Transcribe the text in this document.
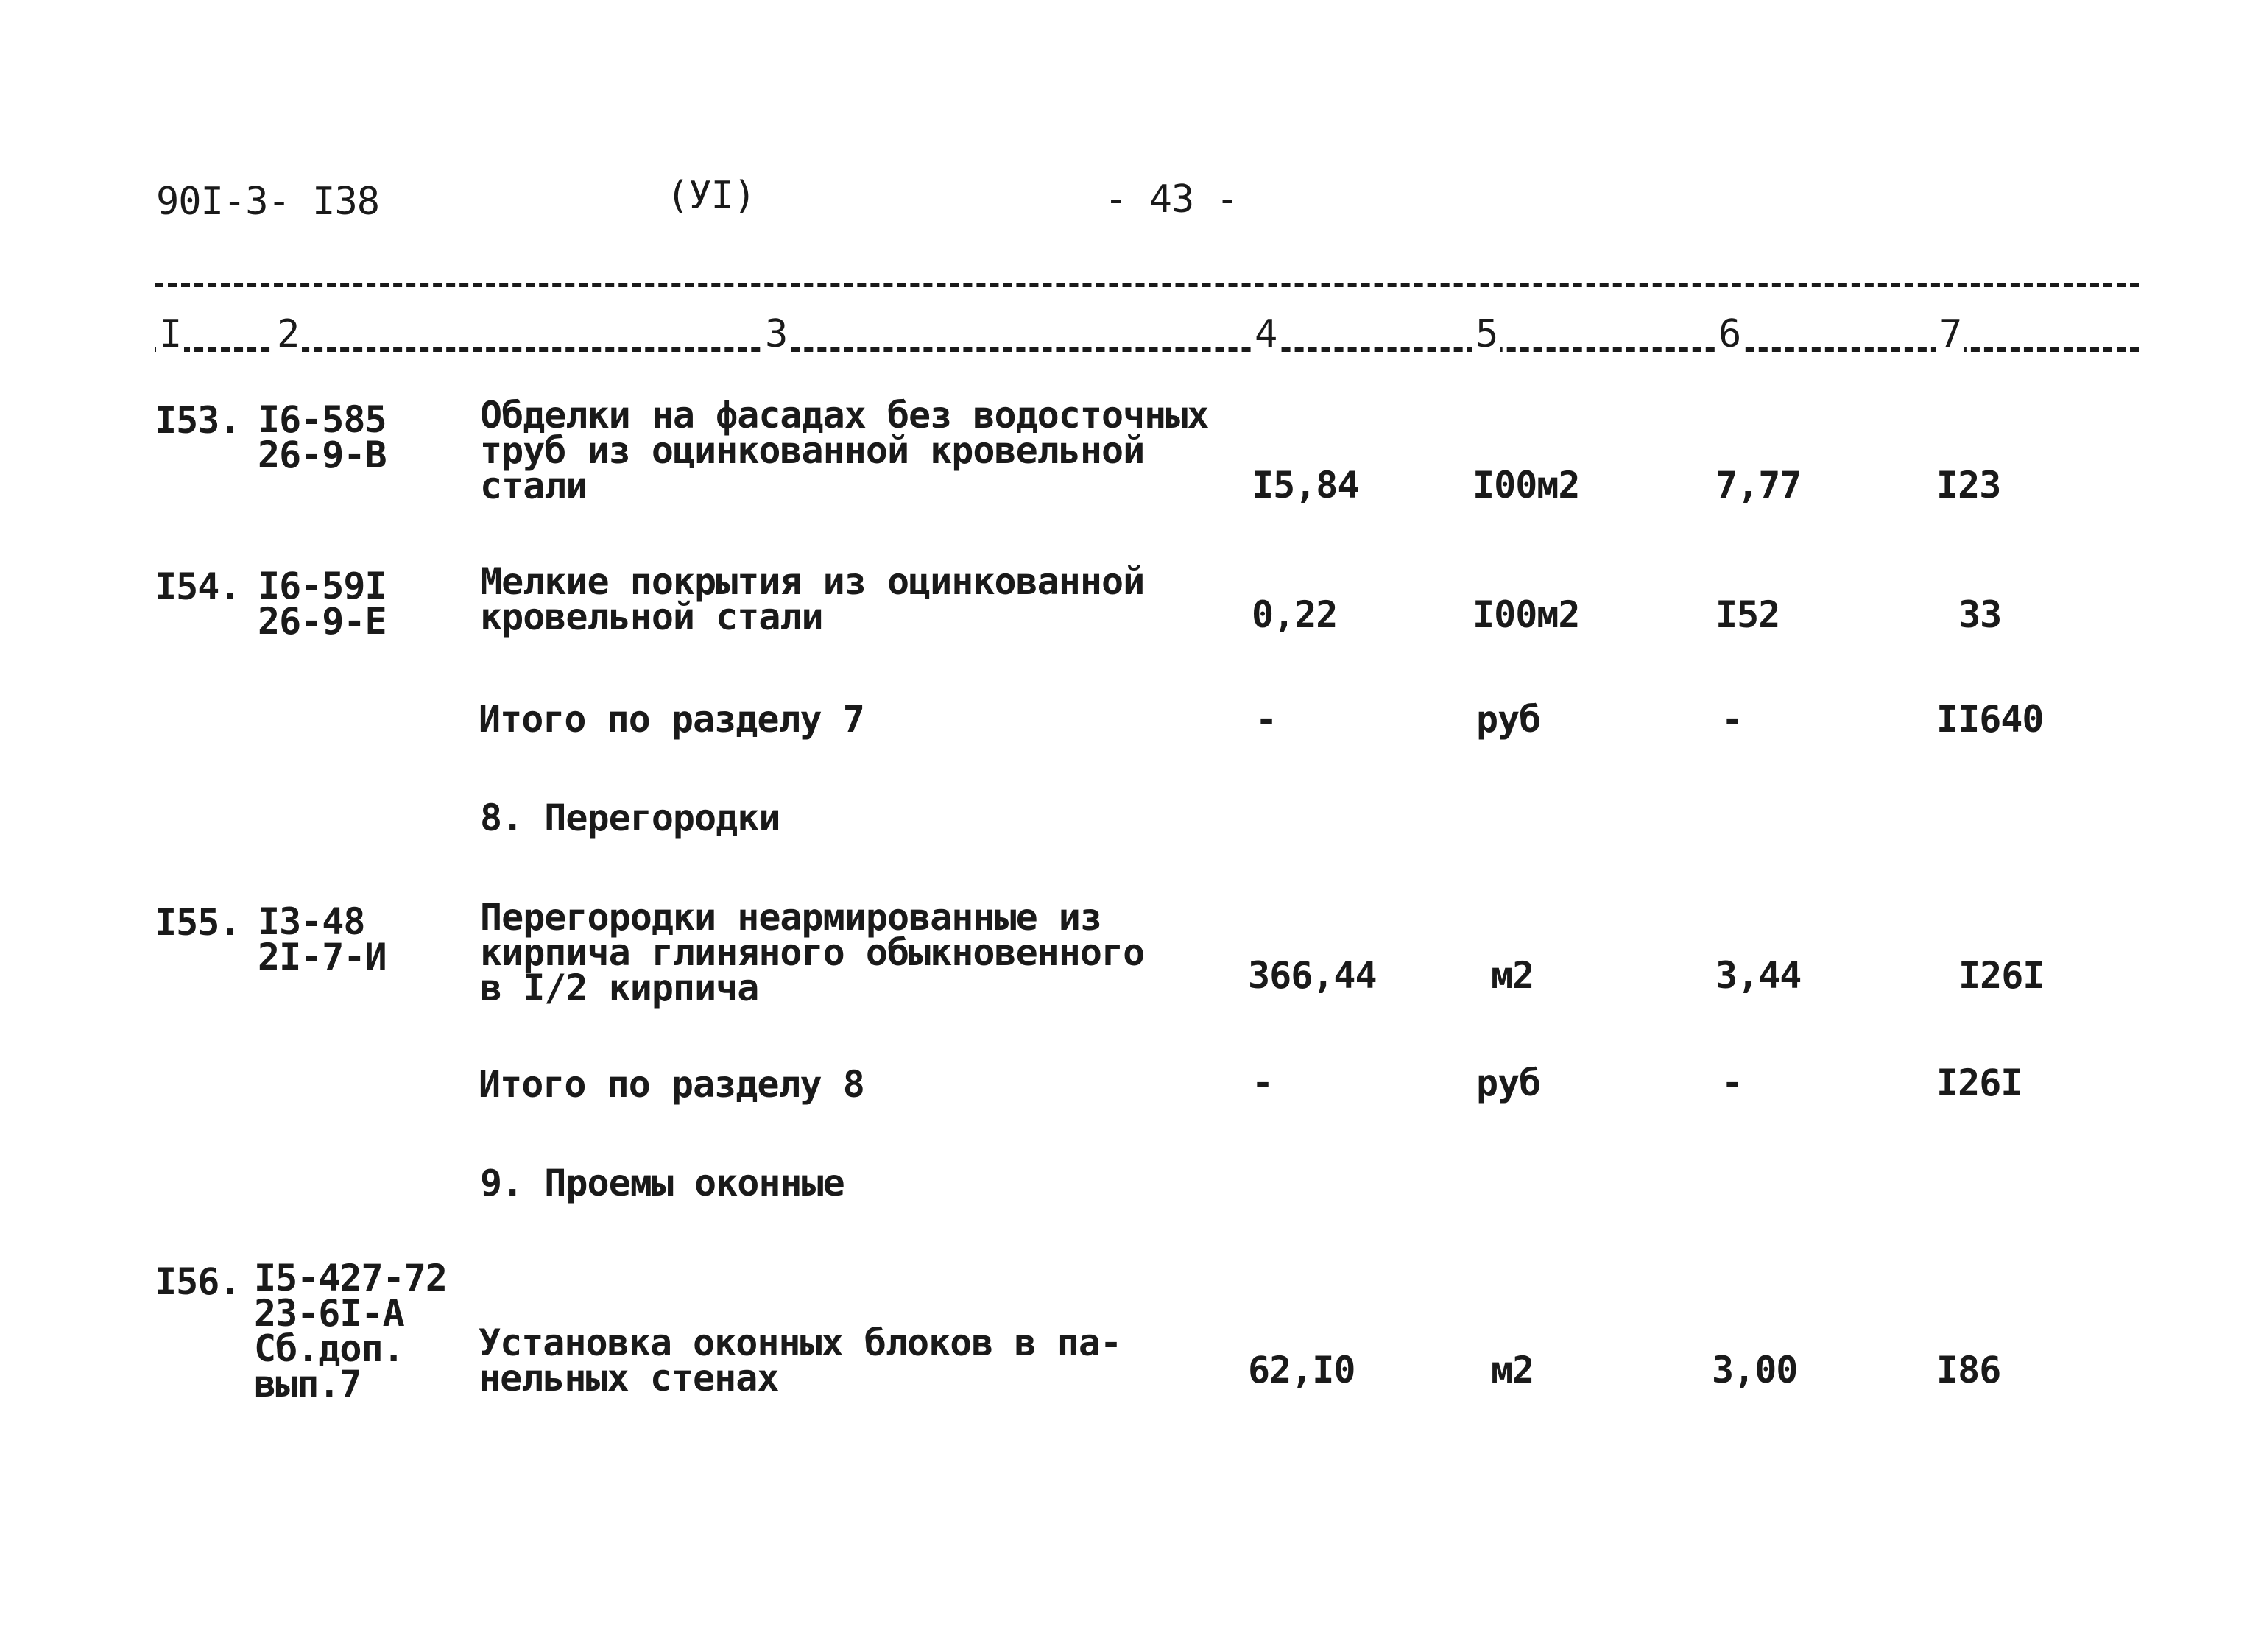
90I-3- I38	(УI)	- 43 -
I 2	3	4	5	6	7
I53. I6-585
26-9-В
Обделки на фасадах без водосточных
труб из оцинкованной кровельной
стали	I5,84	I00м2	7,77	I23
I54. I6-59I
26-9-Е
Мелкие покрытия из оцинкованной
кровельной стали	0,22	I00м2	I52	33
Итого по разделу 7	-	руб	-	II640
8. Перегородки
I55. I3-48
2I-7-И
Перегородки неармированные из
кирпича глиняного обыкновенного
в I/2 кирпича	366,44	м2	3,44	I26I
Итого по разделу 8	-	руб	-	I26I
9. Проемы оконные
I56. I5-427-72
23-6I-А
Сб.доп.
вып.7
Установка оконных блоков в па-
нельных стенах	62,I0	м2	3,00	I86
